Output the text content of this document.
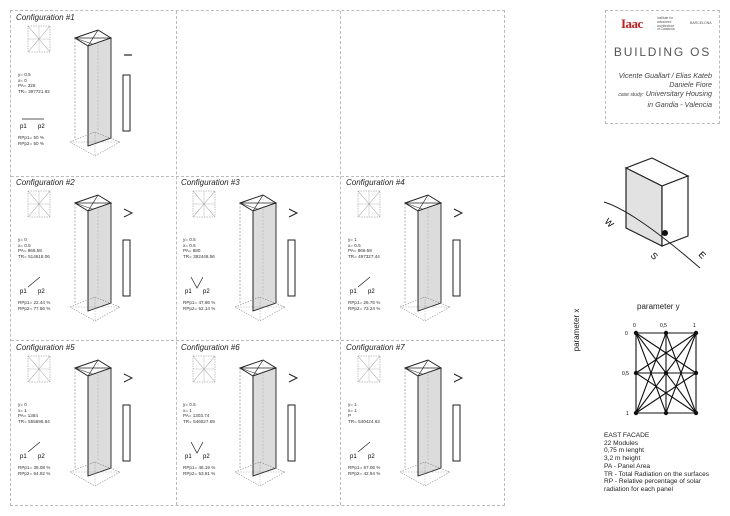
Configuration #1
y= 0.5
x= 0
PA= 326
TR= 397721.92
RPp1= 50 %
RPp2= 50 %
p1 p2
Configuration #2
y= 0
x= 0.5
PA= 966.58
TR= 514618.06
RPp1= 22.44 %
RPp2= 77.56 %
p1 p2
Configuration #3
y= 0.5
x= 0.5
PA= 880
TR= 392448.56
RPp1= 47.86 %
RPp2= 52.14 %
p1 p2
Configuration #4
y= 1
x= 0.5
PA= 966.58
TR= 497327.44
RPp1= 26.76 %
RPp2= 73.24 %
p1 p2
Configuration #5
y= 0
x= 1
PA= 1384
TR= 555696.84
RPp1= 35.08 %
RPp2= 64.92 %
p1 p2
Configuration #6
y= 0.5
x= 1
PA= 1303.74
TR= 546027.69
RPp1= 46.19 %
RPp2= 53.81 %
p1 p2
Configuration #7
y= 1
x= 1
P
TR= 540424.63
RPp1= 57.06 %
RPp2= 42.94 %
p1 p2
Iaac	institute for
advanced
architecture
of Catalonia
BARCELONA
BUILDING OS
Vicente Guallart / Elias Kateb
Daniele Fiore
case study: Universitary Housing
in Gandia - Valencia
W
S	E
parameter y
parameter x	0	0,5	1
0
0,5
1
EAST FACADE
22 Modules
0,75 m lenght
3,2 m height
PA - Panel Area
TR - Total Radiation on the surfaces
RP - Relative percentage of solar
radiation for each panel
